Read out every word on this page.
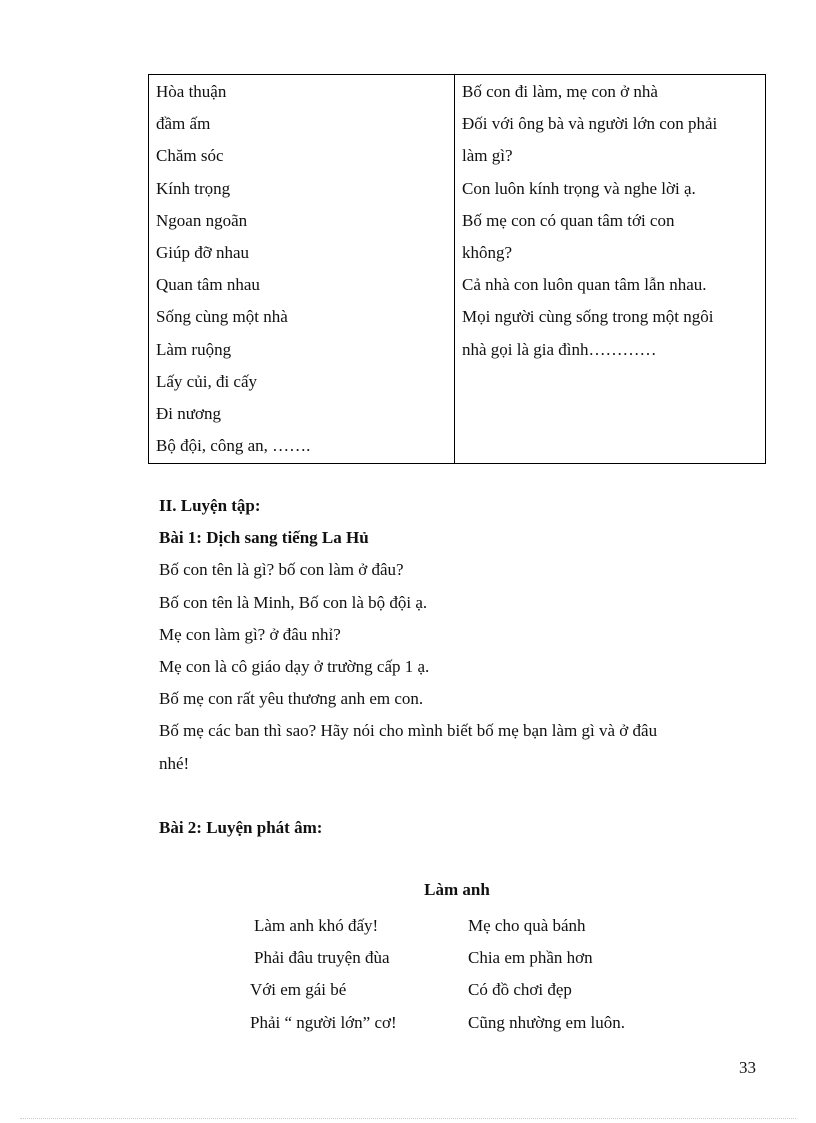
Hòa thuận
đầm ấm
Chăm sóc
Kính trọng
Ngoan ngoãn
Giúp đỡ nhau
Quan tâm nhau
Sống cùng một nhà
Làm ruộng
Lấy củi, đi cấy
Đi nương
Bộ đội, công an, …….
Bố con đi làm, mẹ con ở nhà
Đối với ông bà và người lớn con phải
làm gì?
Con luôn kính trọng và nghe lời ạ.
Bố mẹ con có quan tâm tới con
không?
Cả nhà con luôn quan tâm lẫn nhau.
Mọi người cùng sống trong một ngôi
nhà gọi là gia đình…………
II. Luyện tập:
Bài 1: Dịch sang tiếng La Hủ
Bố con tên là gì? bố con làm ở đâu?
Bố con tên là Minh, Bố con là bộ đội ạ.
Mẹ con làm gì? ở đâu nhỉ?
Mẹ con là cô giáo dạy ở trường cấp 1 ạ.
Bố mẹ con rất yêu thương anh em con.
Bố mẹ các ban thì sao? Hãy nói cho mình biết bố mẹ bạn làm gì và ở đâu
nhé!
Bài 2: Luyện phát âm:
Làm anh
Làm anh khó đấy!
Phải đâu truyện đùa
Với em gái bé
Phải “ người lớn” cơ!
Mẹ cho quà bánh
Chia em phần hơn
Có đồ chơi đẹp
Cũng nhường em luôn.
33
